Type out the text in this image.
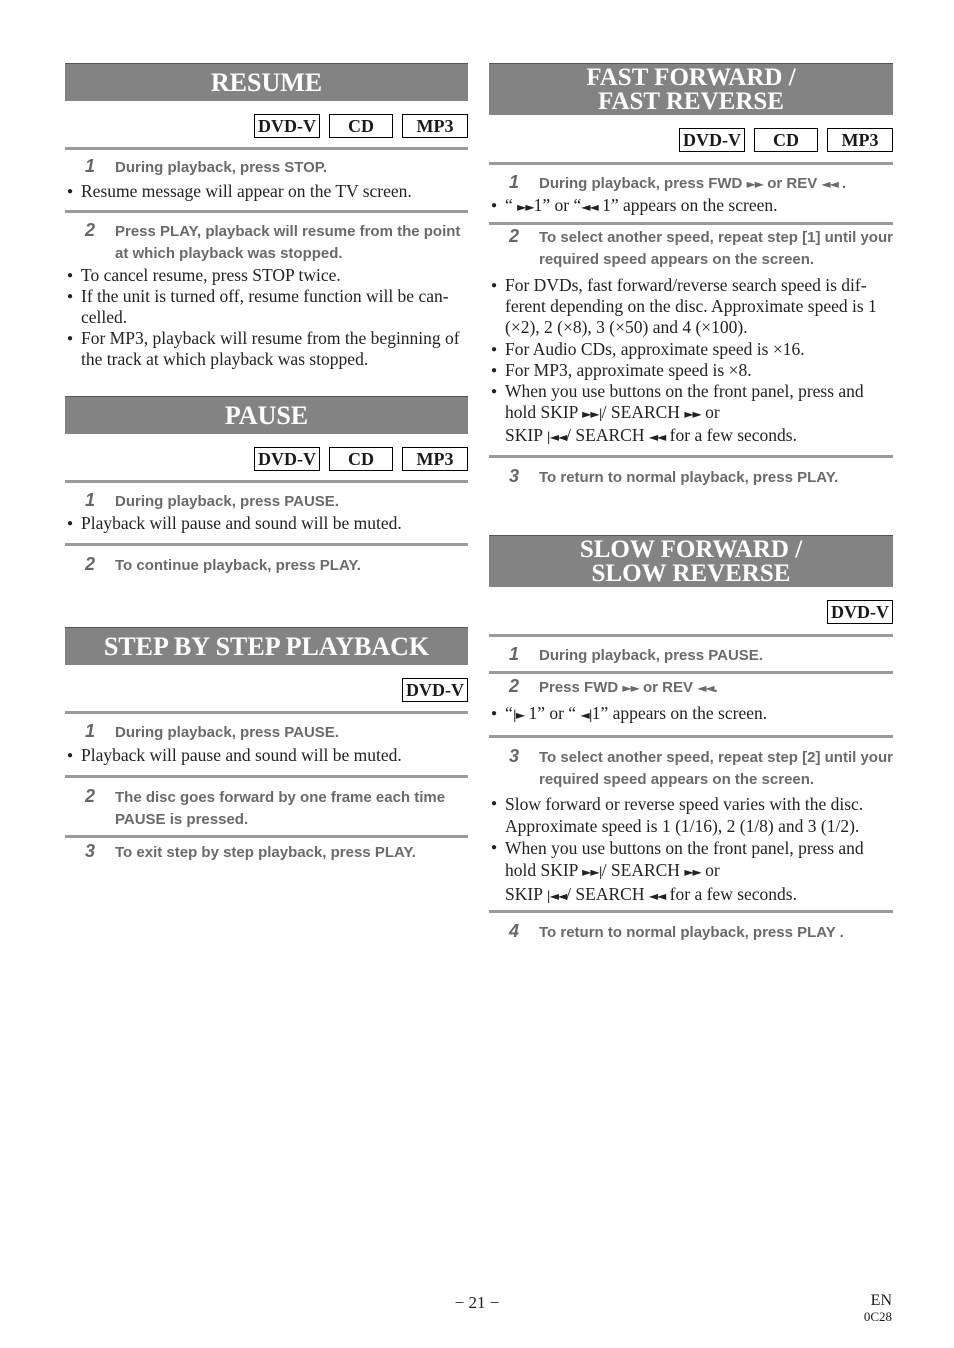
RESUME
DVD-V	CD	MP3
1 During playback, press STOP.
● Resume message will appear on the TV screen.
2 Press PLAY, playback will resume from the point at which playback was stopped.
● To cancel resume, press STOP twice.
● If the unit is turned off, resume function will be can-celled.
● For MP3, playback will resume from the beginning of the track at which playback was stopped.
PAUSE
DVD-V	CD	MP3
1 During playback, press PAUSE.
● Playback will pause and sound will be muted.
2 To continue playback, press PLAY.
STEP BY STEP PLAYBACK
DVD-V
1 During playback, press PAUSE.
● Playback will pause and sound will be muted.
2 The disc goes forward by one frame each time PAUSE is pressed.
3 To exit step by step playback, press PLAY.
FAST FORWARD /
FAST REVERSE
DVD-V	CD	MP3
1 During playback, press FWD ►► or REV ◄◄ .
● “ ►►1” or “◄◄ 1” appears on the screen.
2 To select another speed, repeat step [1] until your required speed appears on the screen.
● For DVDs, fast forward/reverse search speed is dif-ferent depending on the disc. Approximate speed is 1 (×2), 2 (×8), 3 (×50) and 4 (×100).
● For Audio CDs, approximate speed is ×16.
● For MP3, approximate speed is ×8.
● When you use buttons on the front panel, press and hold SKIP ►►|/ SEARCH ►► or
SKIP |◄◄/ SEARCH ◄◄ for a few seconds.
3 To return to normal playback, press PLAY.
SLOW FORWARD /
SLOW REVERSE
DVD-V
1 During playback, press PAUSE.
2 Press FWD ►► or REV ◄◄.
● “|► 1” or “ ◄|1” appears on the screen.
3 To select another speed, repeat step [2] until your required speed appears on the screen.
● Slow forward or reverse speed varies with the disc. Approximate speed is 1 (1/16), 2 (1/8) and 3 (1/2).
● When you use buttons on the front panel, press and hold SKIP ►►|/ SEARCH ►► or
SKIP |◄◄/ SEARCH ◄◄ for a few seconds.
4 To return to normal playback, press PLAY .
− 21 −	EN
0C28
